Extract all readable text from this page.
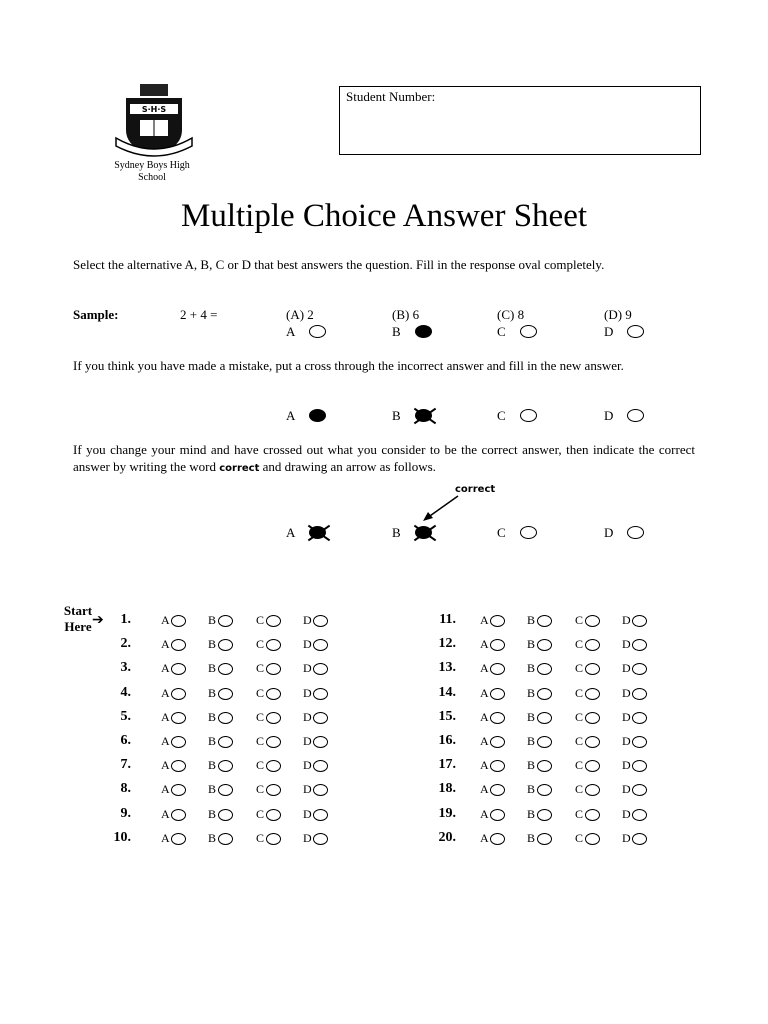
S·H·S
Sydney Boys High School
Student Number:
Multiple Choice Answer Sheet
Select the alternative A, B, C or D that best answers the question. Fill in the response oval completely.
Sample:	2 + 4 =	(A) 2
A
(B) 6
B
(C) 8
C
(D) 9
D
If you think you have made a mistake, put a cross through the incorrect answer and fill in the new answer.
A	B	C	D
If you change your mind and have crossed out what you consider to be the correct answer, then indicate the correct answer by writing the word correct and drawing an arrow as follows.
correct
A	B	C	D
Start
Here ➔	1.	A	B	C	D
2.	A	B	C	D
3.	A	B	C	D
4.	A	B	C	D
5.	A	B	C	D
6.	A	B	C	D
7.	A	B	C	D
8.	A	B	C	D
9.	A	B	C	D
10.	A	B	C	D
11. A	B	C	D
12. A	B	C	D
13. A	B	C	D
14. A	B	C	D
15. A	B	C	D
16. A	B	C	D
17. A	B	C	D
18. A	B	C	D
19. A	B	C	D
20. A	B	C	D
